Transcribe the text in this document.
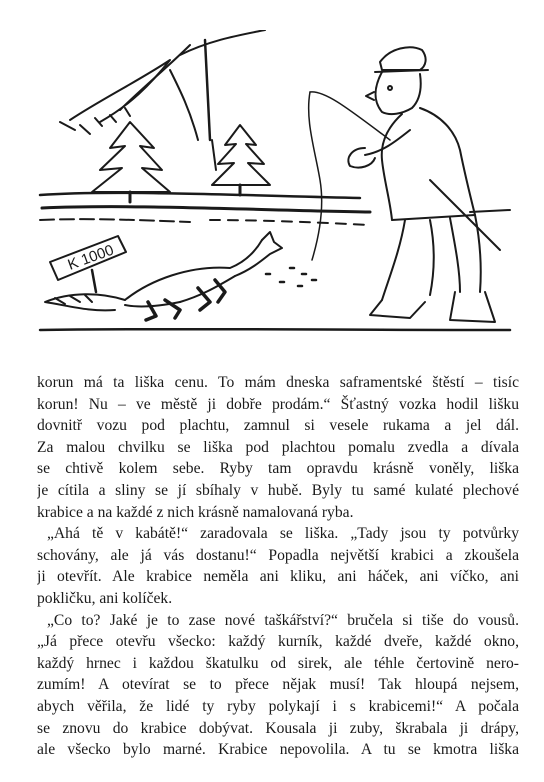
K 1000
korun má ta liška cenu. To mám dneska saframentské štěstí – tisíc
korun! Nu – ve městě ji dobře prodám.“ Šťastný vozka hodil lišku
dovnitř vozu pod plachtu, zamnul si vesele rukama a jel dál.
Za malou chvilku se liška pod plachtou pomalu zvedla a dívala
se chtivě kolem sebe. Ryby tam opravdu krásně voněly, liška
je cítila a sliny se jí sbíhaly v hubě. Byly tu samé kulaté plechové
krabice a na každé z nich krásně namalovaná ryba.
„Ahá tě v kabátě!“ zaradovala se liška. „Tady jsou ty potvůrky
schovány, ale já vás dostanu!“ Popadla největší krabici a zkoušela
ji otevřít. Ale krabice neměla ani kliku, ani háček, ani víčko, ani
pokličku, ani kolíček.
„Co to? Jaké je to zase nové taškářství?“ bručela si tiše do vousů.
„Já přece otevřu všecko: každý kurník, každé dveře, každé okno,
každý hrnec i každou škatulku od sirek, ale téhle čertovině nero-
zumím! A otevírat se to přece nějak musí! Tak hloupá nejsem,
abych věřila, že lidé ty ryby polykají i s krabicemi!“ A počala
se znovu do krabice dobývat. Kousala ji zuby, škrabala ji drápy,
ale všecko bylo marné. Krabice nepovolila. A tu se kmotra liška
